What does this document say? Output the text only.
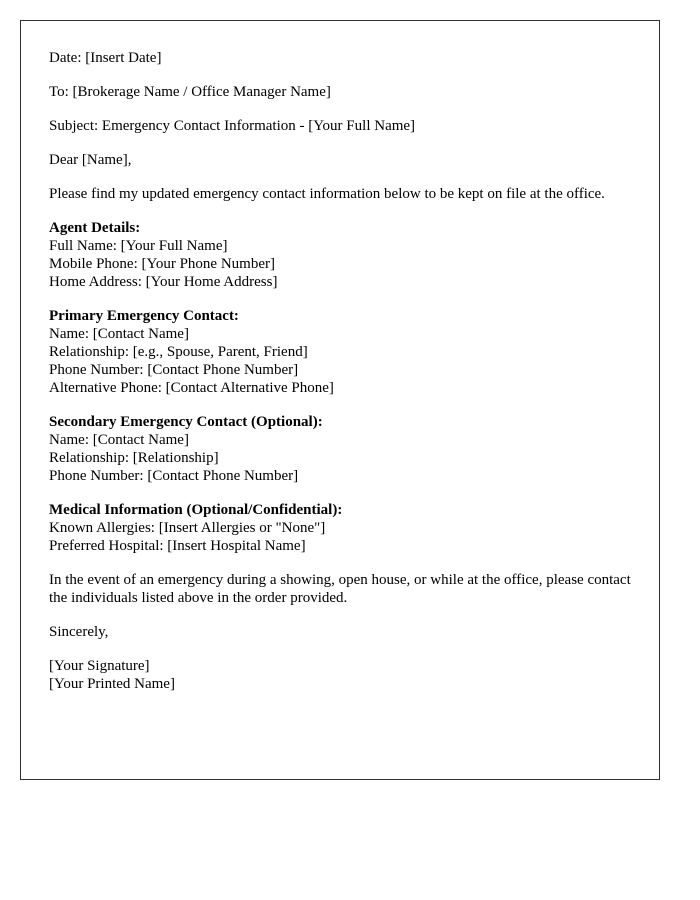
Date: [Insert Date]

To: [Brokerage Name / Office Manager Name]

Subject: Emergency Contact Information - [Your Full Name]

Dear [Name],

Please find my updated emergency contact information below to be kept on file at the office.

Agent Details:
Full Name: [Your Full Name]
Mobile Phone: [Your Phone Number]
Home Address: [Your Home Address]
Primary Emergency Contact:
Name: [Contact Name]
Relationship: [e.g., Spouse, Parent, Friend]
Phone Number: [Contact Phone Number]
Alternative Phone: [Contact Alternative Phone]
Secondary Emergency Contact (Optional):
Name: [Contact Name]
Relationship: [Relationship]
Phone Number: [Contact Phone Number]
Medical Information (Optional/Confidential):
Known Allergies: [Insert Allergies or "None"]
Preferred Hospital: [Insert Hospital Name]

In the event of an emergency during a showing, open house, or while at the office, please contact the individuals listed above in the order provided.

Sincerely,

[Your Signature]
[Your Printed Name]
